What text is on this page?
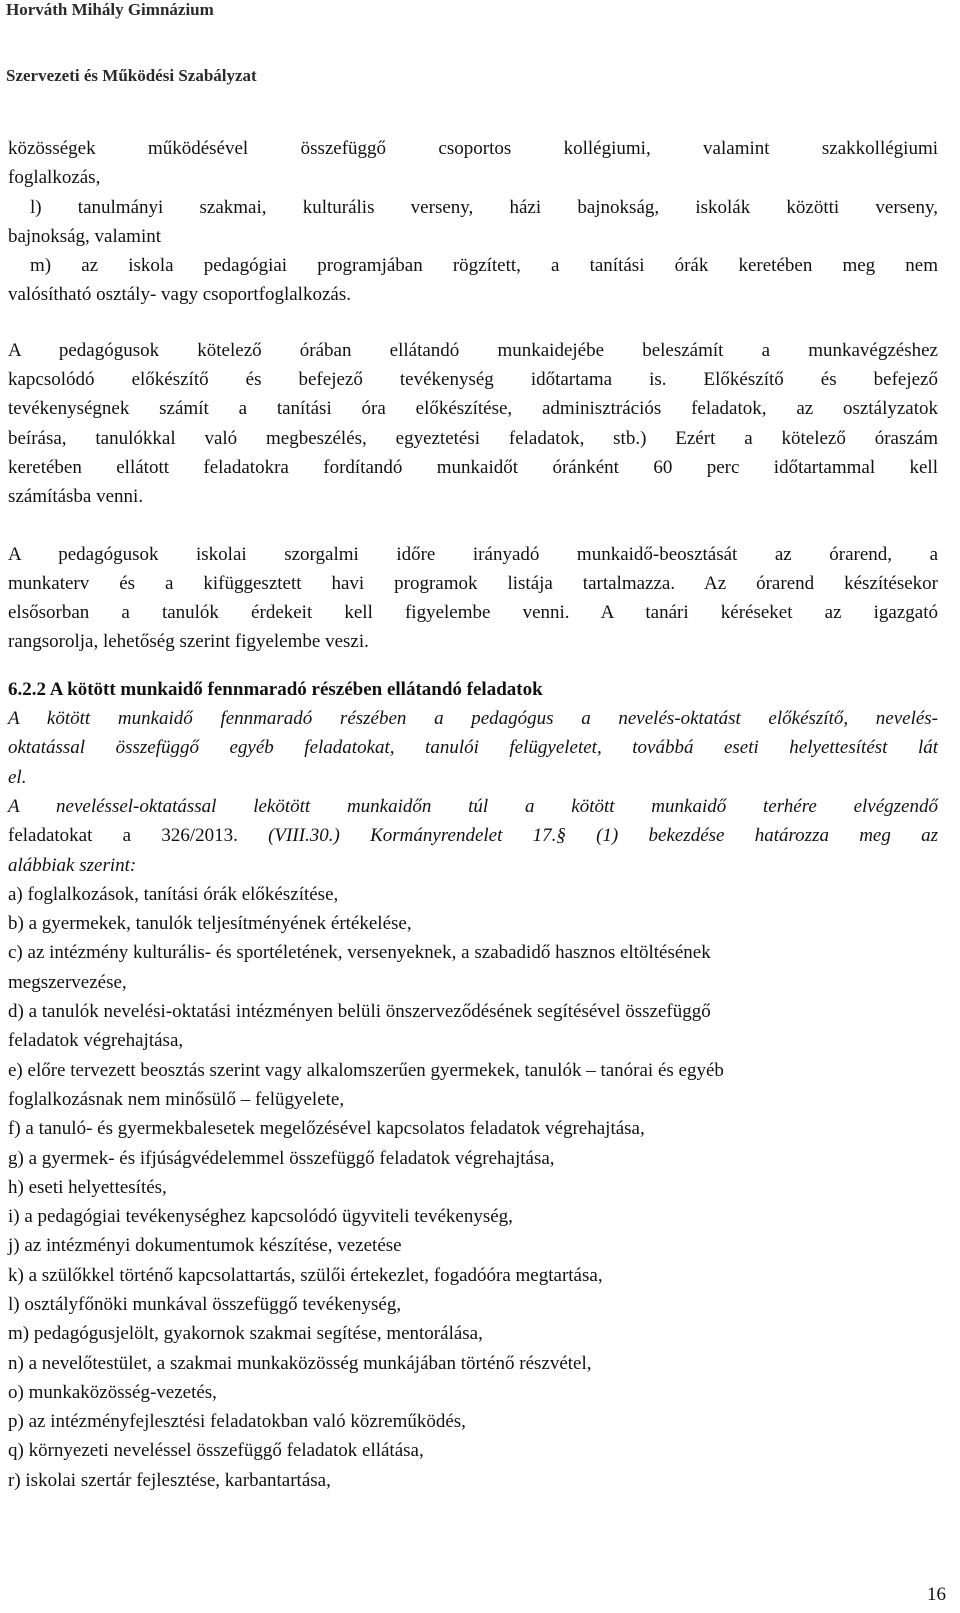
Horváth Mihály Gimnázium
Szervezeti és Működési Szabályzat
közösségek működésével összefüggő csoportos kollégiumi, valamint szakkollégiumi
foglalkozás,
l) tanulmányi szakmai, kulturális verseny, házi bajnokság, iskolák közötti verseny,
bajnokság, valamint
m) az iskola pedagógiai programjában rögzített, a tanítási órák keretében meg nem
valósítható osztály- vagy csoportfoglalkozás.
A pedagógusok kötelező órában ellátandó munkaidejébe beleszámít a munkavégzéshez
kapcsolódó előkészítő és befejező tevékenység időtartama is. Előkészítő és befejező
tevékenységnek számít a tanítási óra előkészítése, adminisztrációs feladatok, az osztályzatok
beírása, tanulókkal való megbeszélés, egyeztetési feladatok, stb.) Ezért a kötelező óraszám
keretében ellátott feladatokra fordítandó munkaidőt óránként 60 perc időtartammal kell
számításba venni.
A pedagógusok iskolai szorgalmi időre irányadó munkaidő-beosztását az órarend, a
munkaterv és a kifüggesztett havi programok listája tartalmazza. Az órarend készítésekor
elsősorban a tanulók érdekeit kell figyelembe venni. A tanári kéréseket az igazgató
rangsorolja, lehetőség szerint figyelembe veszi.
6.2.2 A kötött munkaidő fennmaradó részében ellátandó feladatok
A kötött munkaidő fennmaradó részében a pedagógus a nevelés-oktatást előkészítő, nevelés-
oktatással összefüggő egyéb feladatokat, tanulói felügyeletet, továbbá eseti helyettesítést lát
el.
A neveléssel-oktatással lekötött munkaidőn túl a kötött munkaidő terhére elvégzendő
feladatokat a 326/2013. (VIII.30.) Kormányrendelet 17.§ (1) bekezdése határozza meg az
alábbiak szerint:
a) foglalkozások, tanítási órák előkészítése,
b) a gyermekek, tanulók teljesítményének értékelése,
c) az intézmény kulturális- és sportéletének, versenyeknek, a szabadidő hasznos eltöltésének
megszervezése,
d) a tanulók nevelési-oktatási intézményen belüli önszerveződésének segítésével összefüggő
feladatok végrehajtása,
e) előre tervezett beosztás szerint vagy alkalomszerűen gyermekek, tanulók – tanórai és egyéb
foglalkozásnak nem minősülő – felügyelete,
f) a tanuló- és gyermekbalesetek megelőzésével kapcsolatos feladatok végrehajtása,
g) a gyermek- és ifjúságvédelemmel összefüggő feladatok végrehajtása,
h) eseti helyettesítés,
i) a pedagógiai tevékenységhez kapcsolódó ügyviteli tevékenység,
j) az intézményi dokumentumok készítése, vezetése
k) a szülőkkel történő kapcsolattartás, szülői értekezlet, fogadóóra megtartása,
l) osztályfőnöki munkával összefüggő tevékenység,
m) pedagógusjelölt, gyakornok szakmai segítése, mentorálása,
n) a nevelőtestület, a szakmai munkaközösség munkájában történő részvétel,
o) munkaközösség-vezetés,
p) az intézményfejlesztési feladatokban való közreműködés,
q) környezeti neveléssel összefüggő feladatok ellátása,
r) iskolai szertár fejlesztése, karbantartása,
16
